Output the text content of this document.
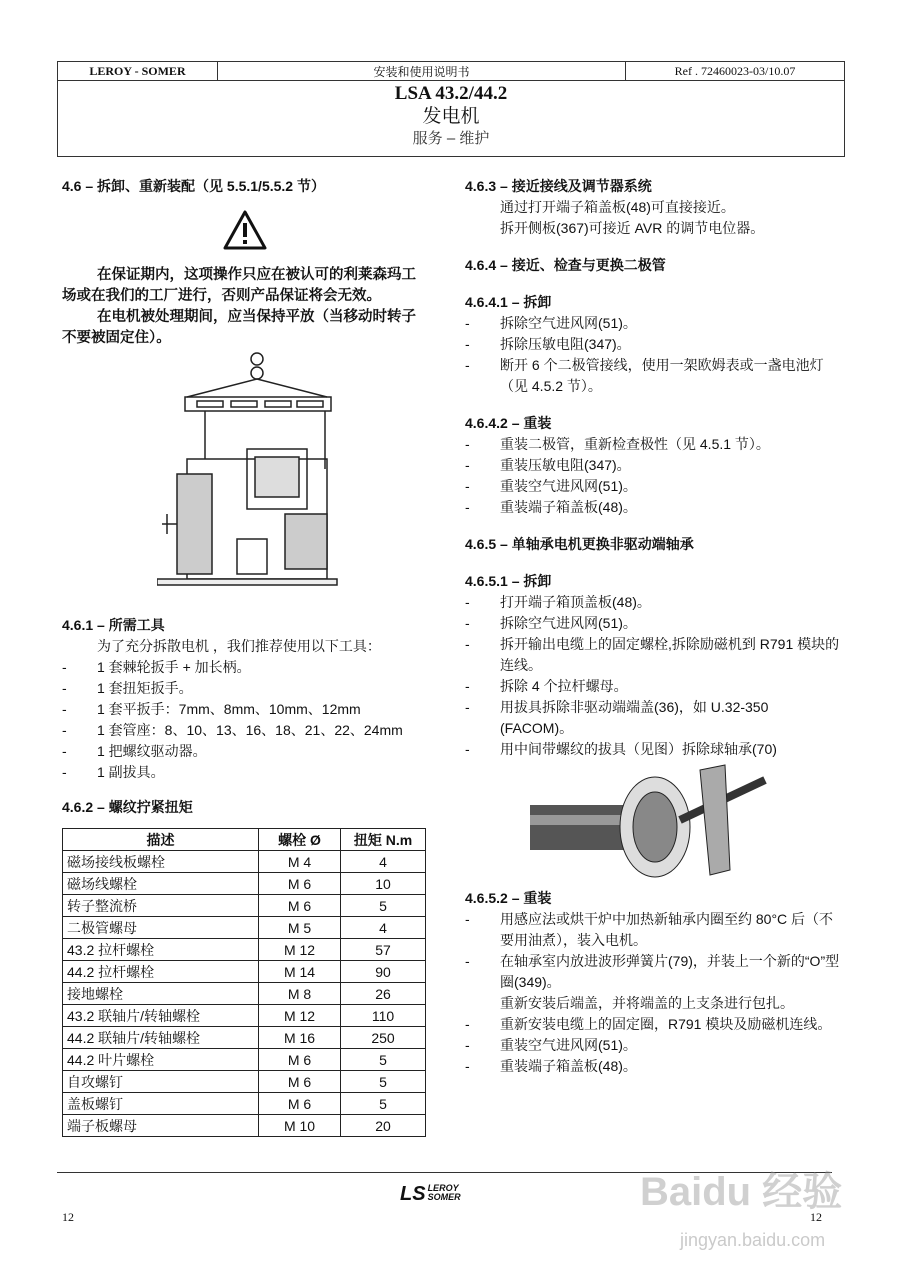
LEROY - SOMER	安装和使用说明书	Ref . 72460023-03/10.07
LSA 43.2/44.2
发电机
服务 – 维护
4.6 – 拆卸、重新装配（见 5.5.1/5.5.2 节）

在保证期内，这项操作只应在被认可的利莱森玛工场或在我们的工厂进行，否则产品保证将会无效。

在电机被处理期间，应当保持平放（当移动时转子不要被固定住）。

4.6.1 – 所需工具

为了充分拆散电机 ，我们推荐使用以下工具：

-	1 套棘轮扳手 + 加长柄。
-	1 套扭矩扳手。
-	1 套平扳手：7mm、8mm、10mm、12mm
-	1 套管座：8、10、13、16、18、21、22、24mm
-	1 把螺纹驱动器。
-	1 副拔具。
4.6.2 – 螺纹拧紧扭矩
描述	螺栓 Ø	扭矩 N.m
磁场接线板螺栓	M 4	4
磁场线螺栓	M 6	10
转子整流桥	M 6	5
二极管螺母	M 5	4
43.2 拉杆螺栓	M 12	57
44.2 拉杆螺栓	M 14	90
接地螺栓	M 8	26
43.2 联轴片/转轴螺栓	M 12	110
44.2 联轴片/转轴螺栓	M 16	250
44.2 叶片螺栓	M 6	5
自攻螺钉	M 6	5
盖板螺钉	M 6	5
端子板螺母	M 10	20
4.6.3 – 接近接线及调节器系统

通过打开端子箱盖板(48)可直接接近。

拆开侧板(367)可接近 AVR 的调节电位器。

4.6.4 – 接近、检查与更换二极管
4.6.4.1 – 拆卸
-	拆除空气进风网(51)。
-	拆除压敏电阻(347)。
- 断开 6 个二极管接线，使用一架欧姆表或一盏电池灯（见 4.5.2 节）。
4.6.4.2 – 重装
-	重装二极管，重新检查极性（见 4.5.1 节）。
-	重装压敏电阻(347)。
-	重装空气进风网(51)。
-	重装端子箱盖板(48)。
4.6.5 – 单轴承电机更换非驱动端轴承
4.6.5.1 – 拆卸
-	打开端子箱顶盖板(48)。
-	拆除空气进风网(51)。
-	拆开输出电缆上的固定螺栓,拆除励磁机到 R791 模块的连线。
-	拆除 4 个拉杆螺母。
-	用拔具拆除非驱动端端盖(36)，如 U.32-350 (FACOM)。
-	用中间带螺纹的拔具（见图）拆除球轴承(70)
4.6.5.2 – 重装
-	用感应法或烘干炉中加热新轴承内圈至约 80°C 后（不要用油煮），装入电机。
-	在轴承室内放进波形弹簧片(79)，并装上一个新的“O”型圈(349)。

重新安装后端盖，并将端盖的上支条进行包扎。

-	重新安装电缆上的固定圈，R791 模块及励磁机连线。
-	重装空气进风网(51)。
-	重装端子箱盖板(48)。
LS LEROY SOMER
12	12
Baidu 经验
jingyan.baidu.com
